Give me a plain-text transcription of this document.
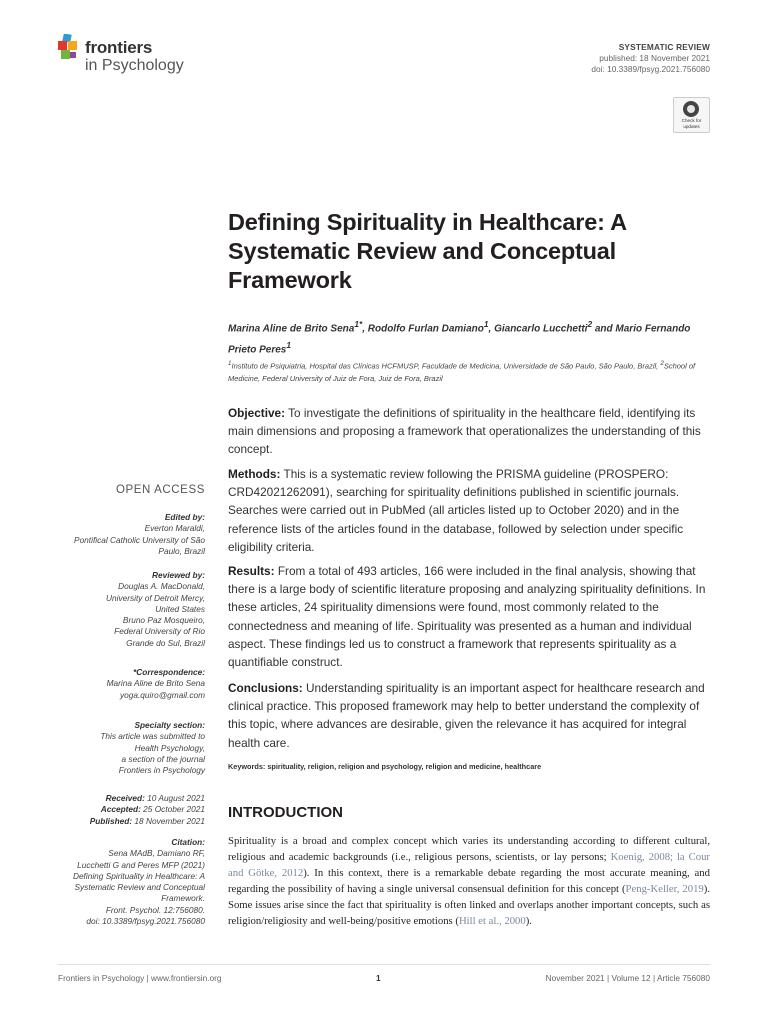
frontiers
in Psychology
SYSTEMATIC REVIEW
published: 18 November 2021
doi: 10.3389/fpsyg.2021.756080
Check for updates
Defining Spirituality in Healthcare: A Systematic Review and Conceptual Framework
Marina Aline de Brito Sena$^{1*}$, Rodolfo Furlan Damiano$^1$, Giancarlo Lucchetti$^2$ and Mario Fernando Prieto Peres$^1$
$^1$Instituto de Psiquiatria, Hospital das Clínicas HCFMUSP, Faculdade de Medicina, Universidade de São Paulo, São Paulo, Brazil, $^2$School of Medicine, Federal University of Juiz de Fora, Juiz de Fora, Brazil
Objective: To investigate the definitions of spirituality in the healthcare field, identifying its main dimensions and proposing a framework that operationalizes the understanding of this concept.
Methods: This is a systematic review following the PRISMA guideline (PROSPERO: CRD42021262091), searching for spirituality definitions published in scientific journals. Searches were carried out in PubMed (all articles listed up to October 2020) and in the reference lists of the articles found in the database, followed by selection under specific eligibility criteria.
Results: From a total of 493 articles, 166 were included in the final analysis, showing that there is a large body of scientific literature proposing and analyzing spirituality definitions. In these articles, 24 spirituality dimensions were found, most commonly related to the connectedness and meaning of life. Spirituality was presented as a human and individual aspect. These findings led us to construct a framework that represents spirituality as a quantifiable construct.
Conclusions: Understanding spirituality is an important aspect for healthcare research and clinical practice. This proposed framework may help to better understand the complexity of this topic, where advances are desirable, given the relevance it has acquired for integral health care.
Keywords: spirituality, religion, religion and psychology, religion and medicine, healthcare
INTRODUCTION
Spirituality is a broad and complex concept which varies its understanding according to different cultural, religious and academic backgrounds (i.e., religious persons, scientists, or lay persons; Koenig, 2008; la Cour and Götke, 2012). In this context, there is a remarkable debate regarding the most accurate meaning, and regarding the possibility of having a single universal consensual definition for this concept (Peng-Keller, 2019). Some issues arise since the fact that spirituality is often linked and overlaps another important concepts, such as religion/religiosity and well-being/positive emotions (Hill et al., 2000).
OPEN ACCESS
Edited by:
Everton Maraldi,
Pontifical Catholic University of São
Paulo, Brazil
Reviewed by:
Douglas A. MacDonald,
University of Detroit Mercy,
United States
Bruno Paz Mosqueiro,
Federal University of Rio
Grande do Sul, Brazil
*Correspondence:
Marina Aline de Brito Sena
yoga.quiro@gmail.com
Specialty section:
This article was submitted to
Health Psychology,
a section of the journal
Frontiers in Psychology
Received: 10 August 2021
Accepted: 25 October 2021
Published: 18 November 2021
Citation:
Sena MAdB, Damiano RF,
Lucchetti G and Peres MFP (2021)
Defining Spirituality in Healthcare: A
Systematic Review and Conceptual
Framework.
Front. Psychol. 12:756080.
doi: 10.3389/fpsyg.2021.756080
Frontiers in Psychology | www.frontiersin.org	1	November 2021 | Volume 12 | Article 756080
